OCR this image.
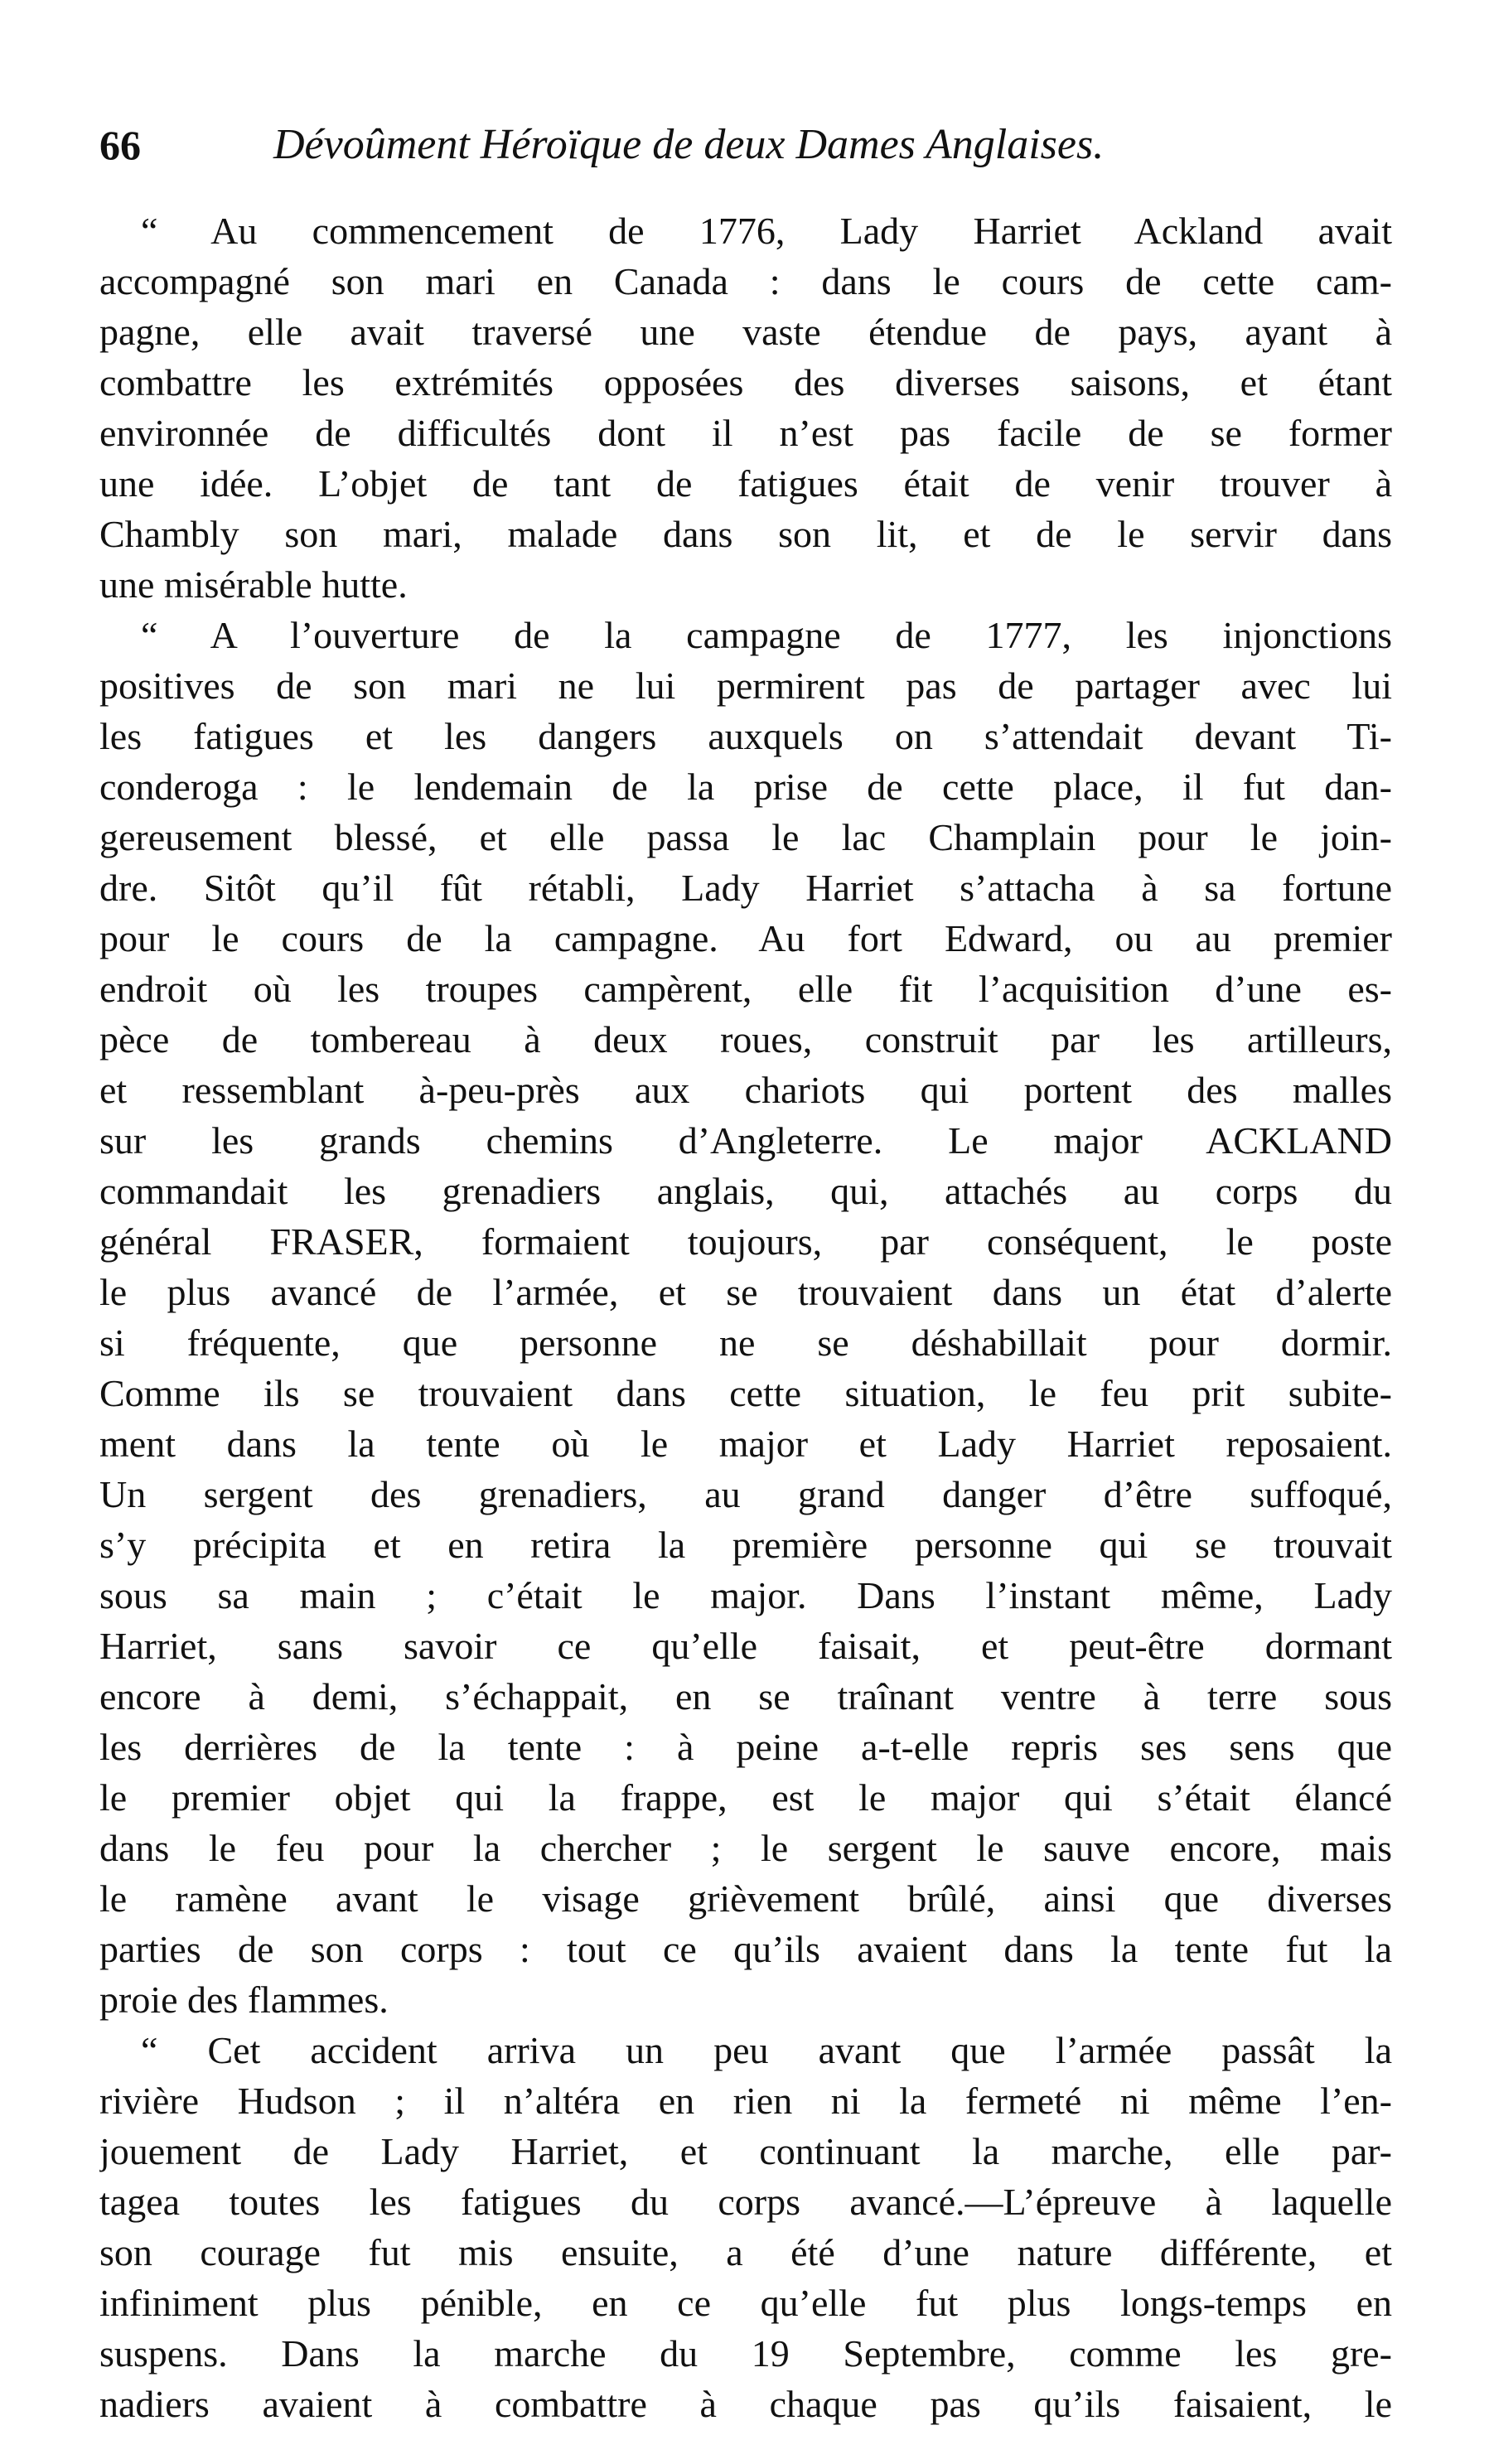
66	Dévoûment Héroïque de deux Dames Anglaises.
“ Au commencement de 1776, Lady Harriet Ackland avait
accompagné son mari en Canada : dans le cours de cette cam-
pagne, elle avait traversé une vaste étendue de pays, ayant à
combattre les extrémités opposées des diverses saisons, et étant
environnée de difficultés dont il n’est pas facile de se former
une idée. L’objet de tant de fatigues était de venir trouver à
Chambly son mari, malade dans son lit, et de le servir dans
une misérable hutte.
“ A l’ouverture de la campagne de 1777, les injonctions
positives de son mari ne lui permirent pas de partager avec lui
les fatigues et les dangers auxquels on s’attendait devant Ti-
conderoga : le lendemain de la prise de cette place, il fut dan-
gereusement blessé, et elle passa le lac Champlain pour le join-
dre. Sitôt qu’il fût rétabli, Lady Harriet s’attacha à sa fortune
pour le cours de la campagne. Au fort Edward, ou au premier
endroit où les troupes campèrent, elle fit l’acquisition d’une es-
pèce de tombereau à deux roues, construit par les artilleurs,
et ressemblant à-peu-près aux chariots qui portent des malles
sur les grands chemins d’Angleterre. Le major ACKLAND
commandait les grenadiers anglais, qui, attachés au corps du
général FRASER, formaient toujours, par conséquent, le poste
le plus avancé de l’armée, et se trouvaient dans un état d’alerte
si fréquente, que personne ne se déshabillait pour dormir.
Comme ils se trouvaient dans cette situation, le feu prit subite-
ment dans la tente où le major et Lady Harriet reposaient.
Un sergent des grenadiers, au grand danger d’être suffoqué,
s’y précipita et en retira la première personne qui se trouvait
sous sa main ; c’était le major. Dans l’instant même, Lady
Harriet, sans savoir ce qu’elle faisait, et peut-être dormant
encore à demi, s’échappait, en se traînant ventre à terre sous
les derrières de la tente : à peine a-t-elle repris ses sens que
le premier objet qui la frappe, est le major qui s’était élancé
dans le feu pour la chercher ; le sergent le sauve encore, mais
le ramène avant le visage grièvement brûlé, ainsi que diverses
parties de son corps : tout ce qu’ils avaient dans la tente fut la
proie des flammes.
“ Cet accident arriva un peu avant que l’armée passât la
rivière Hudson ; il n’altéra en rien ni la fermeté ni même l’en-
jouement de Lady Harriet, et continuant la marche, elle par-
tagea toutes les fatigues du corps avancé.—L’épreuve à laquelle
son courage fut mis ensuite, a été d’une nature différente, et
infiniment plus pénible, en ce qu’elle fut plus longs-temps en
suspens. Dans la marche du 19 Septembre, comme les gre-
nadiers avaient à combattre à chaque pas qu’ils faisaient, le
